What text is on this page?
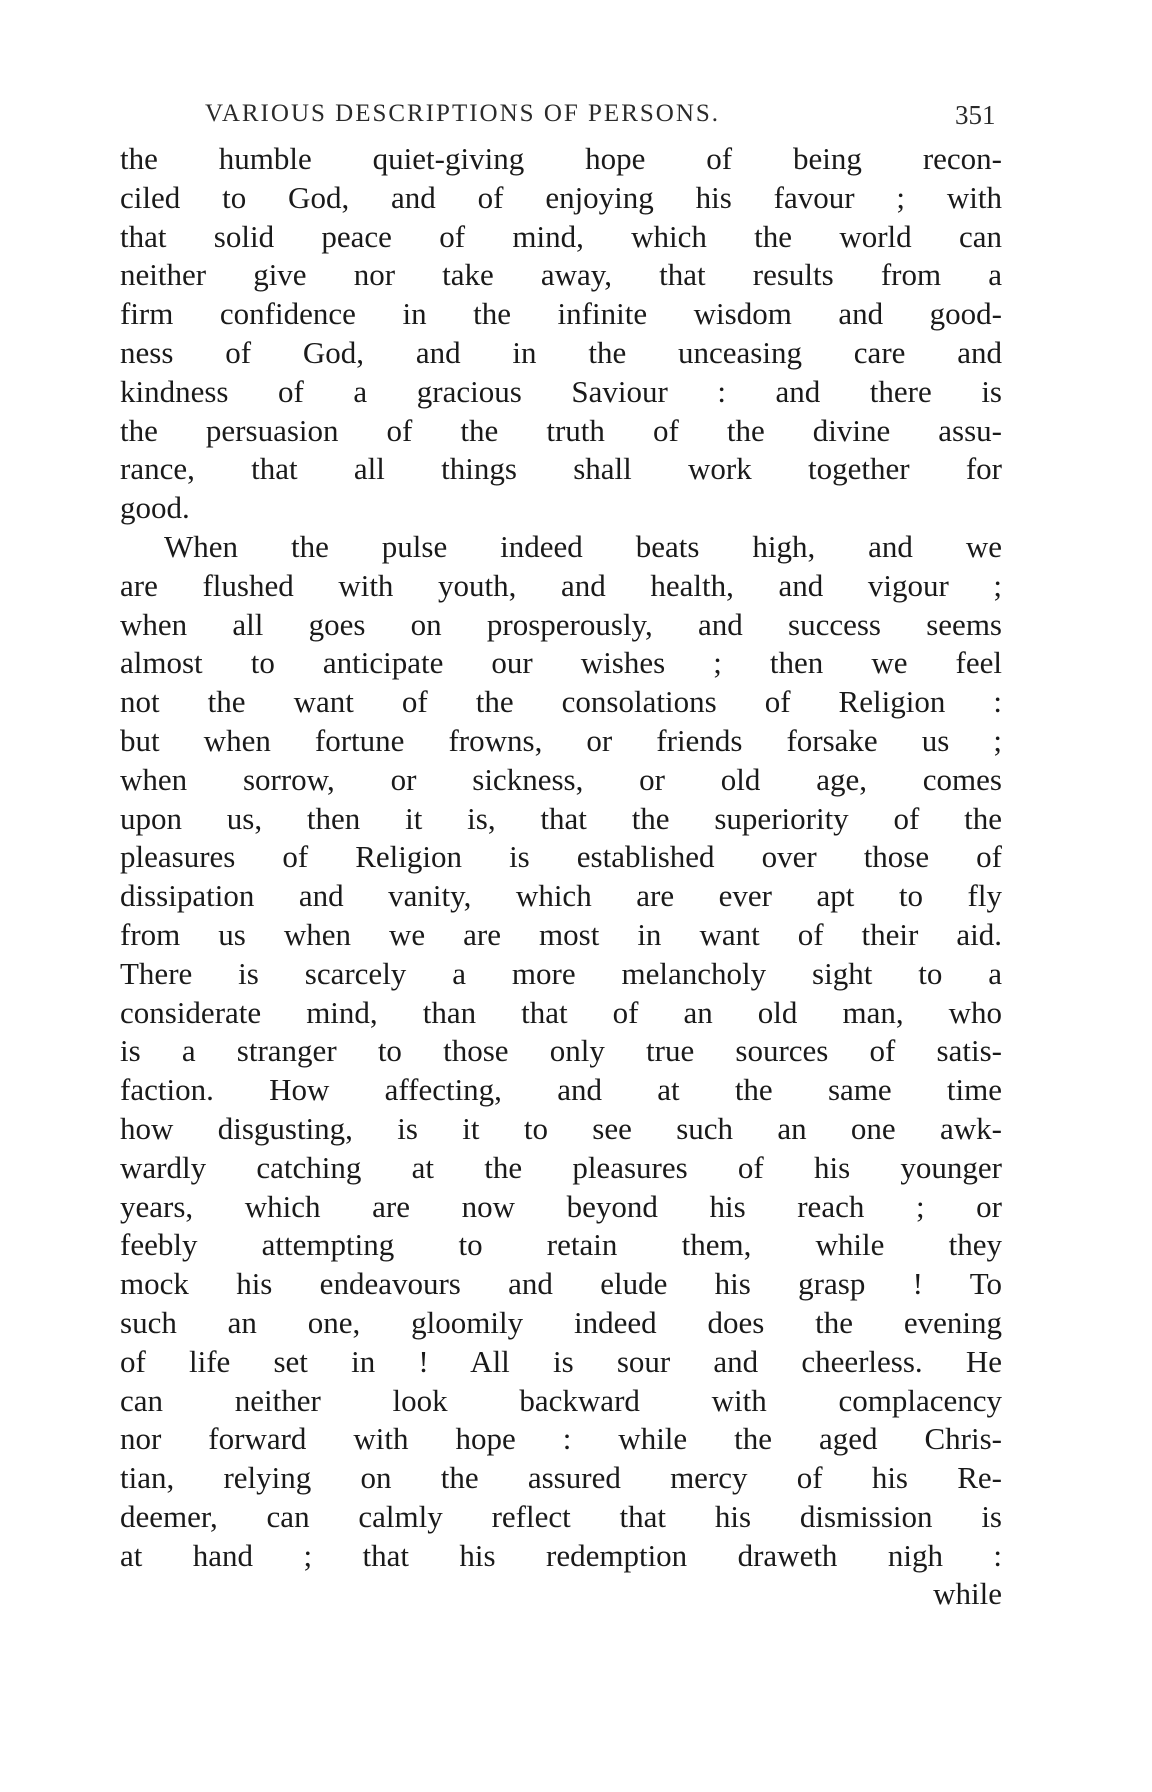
VARIOUS DESCRIPTIONS OF PERSONS.	351
the humble quiet-giving hope of being recon-
ciled to God, and of enjoying his favour ; with
that solid peace of mind, which the world can
neither give nor take away, that results from a
firm confidence in the infinite wisdom and good-
ness of God, and in the unceasing care and
kindness of a gracious Saviour : and there is
the persuasion of the truth of the divine assu-
rance, that all things shall work together for
good.
When the pulse indeed beats high, and we
are flushed with youth, and health, and vigour ;
when all goes on prosperously, and success seems
almost to anticipate our wishes ; then we feel
not the want of the consolations of Religion :
but when fortune frowns, or friends forsake us ;
when sorrow, or sickness, or old age, comes
upon us, then it is, that the superiority of the
pleasures of Religion is established over those of
dissipation and vanity, which are ever apt to fly
from us when we are most in want of their aid.
There is scarcely a more melancholy sight to a
considerate mind, than that of an old man, who
is a stranger to those only true sources of satis-
faction. How affecting, and at the same time
how disgusting, is it to see such an one awk-
wardly catching at the pleasures of his younger
years, which are now beyond his reach ; or
feebly attempting to retain them, while they
mock his endeavours and elude his grasp ! To
such an one, gloomily indeed does the evening
of life set in ! All is sour and cheerless. He
can neither look backward with complacency
nor forward with hope : while the aged Chris-
tian, relying on the assured mercy of his Re-
deemer, can calmly reflect that his dismission is
at hand ; that his redemption draweth nigh :
while
